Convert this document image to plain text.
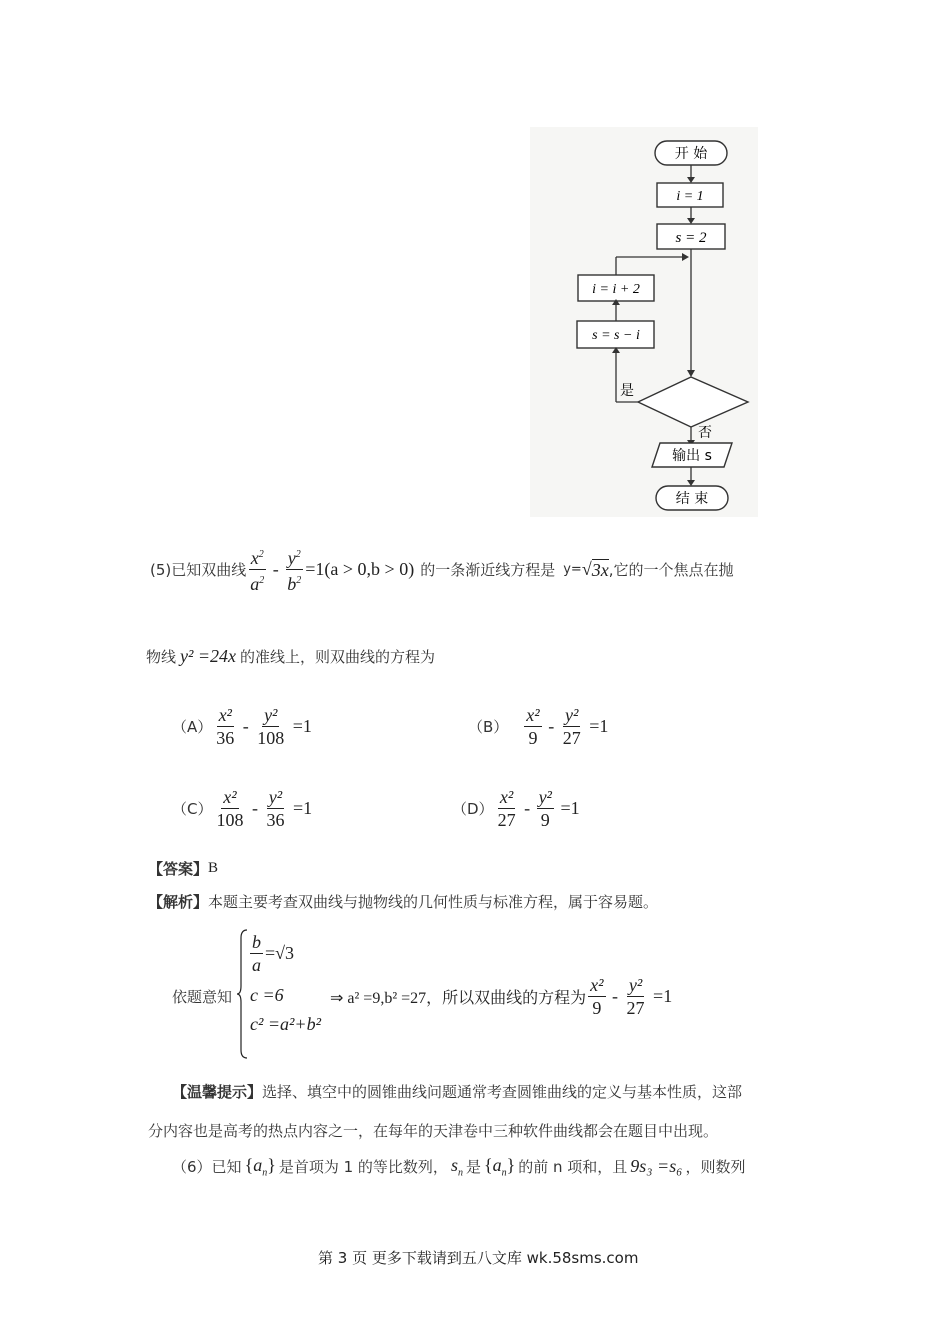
开 始
i = 1
s = 2
i = i + 2
s = s − i
是
否
输出 s
结 束
(5) 已知双曲线 $\frac{x^2}{a^2} - \frac{y^2}{b^2} =1(a > 0,b > 0)$ 的一条渐近线方程是 y= √ 3x ,它的一个焦点在抛
物线 y² =24x 的准线上，则双曲线的方程为
$(A) \frac{\text{x²}}{36} - \frac{\text{y²}}{108} =1$	$(B) \frac{\text{x²}}{9} - \frac{\text{y²}}{27} =1$
$(C) \frac{\text{x²}}{108} - \frac{\text{y²}}{36} =1$	$(D) \frac{\text{x²}}{27} - \frac{\text{y²}}{9} =1$
【答案】 B
【解析】 本题主要考查双曲线与抛物线的几何性质与标准方程，属于容易题。
依题意知
$\frac{b}{a} =√3$
c =6
c² =a²+b²
⇒ a² =9,b² =27，所以双曲线的方程为 $\frac{\text{x²}}{9} - \frac{\text{y²}}{27} =1$
【温馨提示】 选择、填空中的圆锥曲线问题通常考查圆锥曲线的定义与基本性质，这部
分内容也是高考的热点内容之一，在每年的天津卷中三种软件曲线都会在题目中出现。
（6） 已知 $\{a_n\}$ 是首项为 1 的等比数列， $s_n$ 是 $\{a_n\}$ 的前 n 项和，且 9s₃ =s₆ ，则数列
第 3 页 更多下载请到五八文库 wk.58sms.com
